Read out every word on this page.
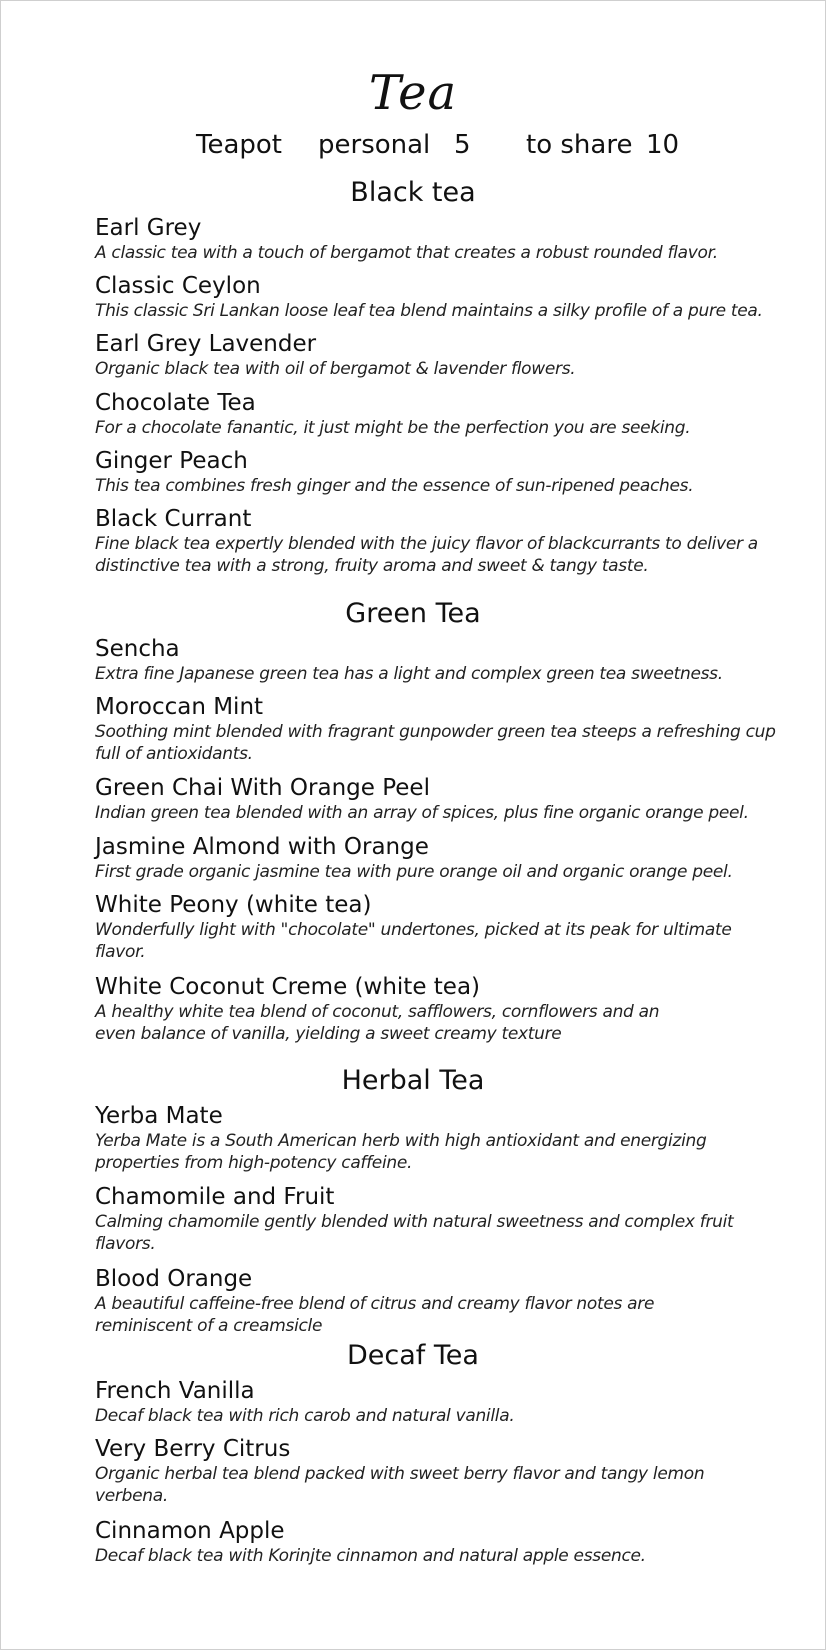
Tea
Teapot personal 5 to share 10
Black tea
Earl Grey
A classic tea with a touch of bergamot that creates a robust rounded flavor.
Classic Ceylon
This classic Sri Lankan loose leaf tea blend maintains a silky profile of a pure tea.
Earl Grey Lavender
Organic black tea with oil of bergamot & lavender flowers.
Chocolate Tea
For a chocolate fanantic, it just might be the perfection you are seeking.
Ginger Peach
This tea combines fresh ginger and the essence of sun-ripened peaches.
Black Currant
Fine black tea expertly blended with the juicy flavor of blackcurrants to deliver a distinctive tea with a strong, fruity aroma and sweet & tangy taste.
Green Tea
Sencha
Extra fine Japanese green tea has a light and complex green tea sweetness.
Moroccan Mint
Soothing mint blended with fragrant gunpowder green tea steeps a refreshing cup full of antioxidants.
Green Chai With Orange Peel
Indian green tea blended with an array of spices, plus fine organic orange peel.
Jasmine Almond with Orange
First grade organic jasmine tea with pure orange oil and organic orange peel.
White Peony (white tea)
Wonderfully light with "chocolate" undertones, picked at its peak for ultimate flavor.
White Coconut Creme (white tea)
A healthy white tea blend of coconut, safflowers, cornflowers and an even balance of vanilla, yielding a sweet creamy texture
Herbal Tea
Yerba Mate
Yerba Mate is a South American herb with high antioxidant and energizing properties from high-potency caffeine.
Chamomile and Fruit
Calming chamomile gently blended with natural sweetness and complex fruit flavors.
Blood Orange
A beautiful caffeine-free blend of citrus and creamy flavor notes are reminiscent of a creamsicle
Decaf Tea
French Vanilla
Decaf black tea with rich carob and natural vanilla.
Very Berry Citrus
Organic herbal tea blend packed with sweet berry flavor and tangy lemon verbena.
Cinnamon Apple
Decaf black tea with Korinjte cinnamon and natural apple essence.
